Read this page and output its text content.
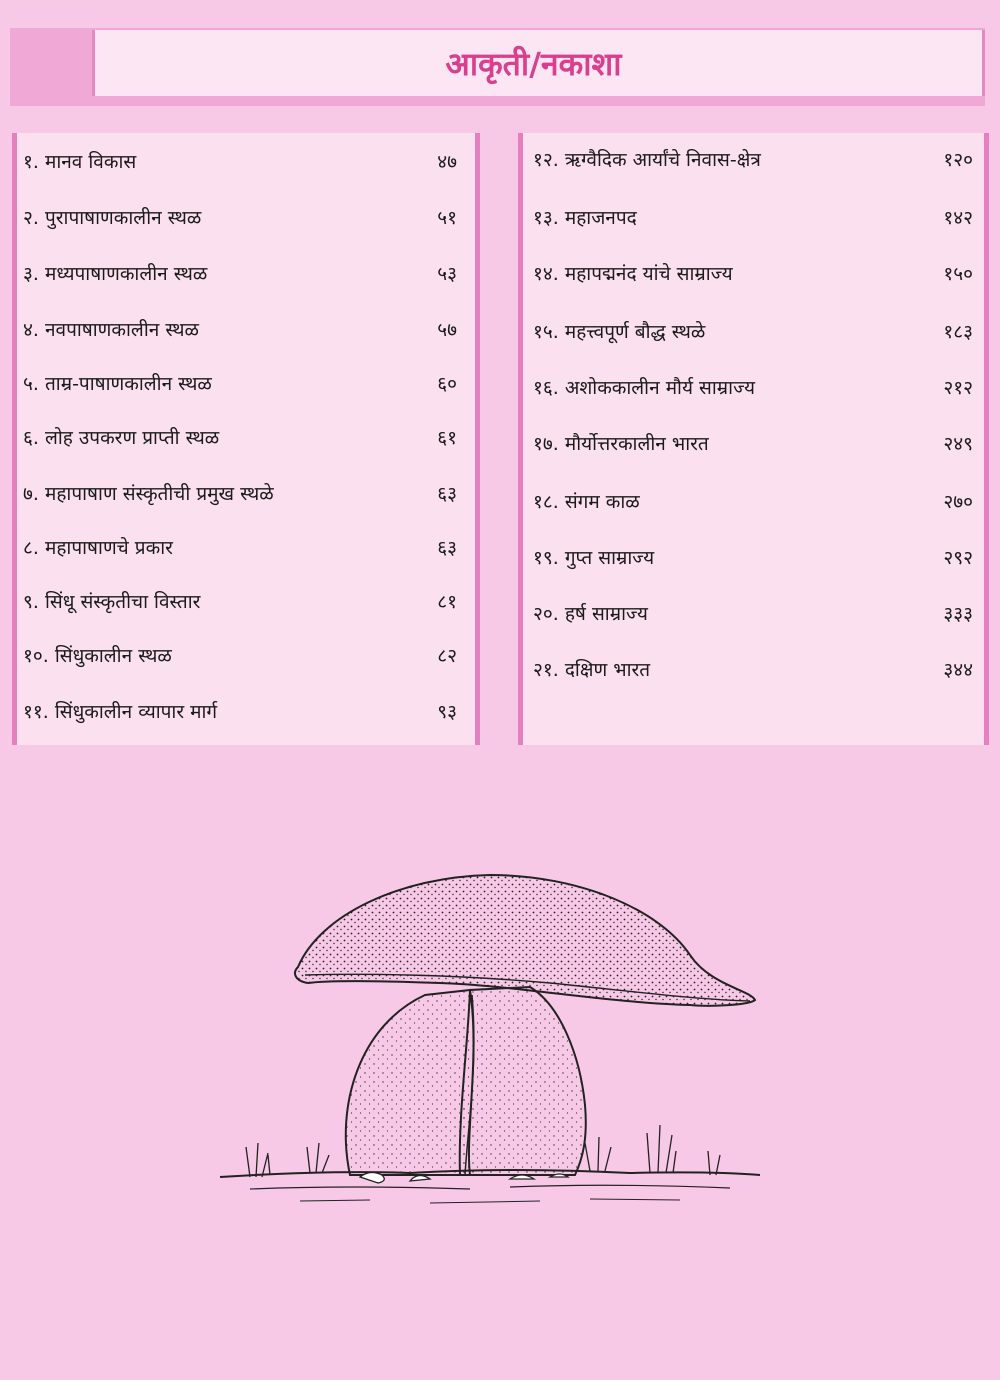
आकृती/नकाशा
१. मानव विकास	४७
२. पुरापाषाणकालीन स्थळ	५१
३. मध्यपाषाणकालीन स्थळ	५३
४. नवपाषाणकालीन स्थळ	५७
५. ताम्र-पाषाणकालीन स्थळ	६०
६. लोह उपकरण प्राप्ती स्थळ	६१
७. महापाषाण संस्कृतीची प्रमुख स्थळे	६३
८. महापाषाणचे प्रकार	६३
९. सिंधू संस्कृतीचा विस्तार	८१
१०. सिंधुकालीन स्थळ	८२
११. सिंधुकालीन व्यापार मार्ग	९३
१२. ऋग्वैदिक आर्यांचे निवास-क्षेत्र	१२०
१३. महाजनपद	१४२
१४. महापद्मनंद यांचे साम्राज्य	१५०
१५. महत्त्वपूर्ण बौद्ध स्थळे	१८३
१६. अशोककालीन मौर्य साम्राज्य	२१२
१७. मौर्योत्तरकालीन भारत	२४९
१८. संगम काळ	२७०
१९. गुप्त साम्राज्य	२९२
२०. हर्ष साम्राज्य	३३३
२१. दक्षिण भारत	३४४
